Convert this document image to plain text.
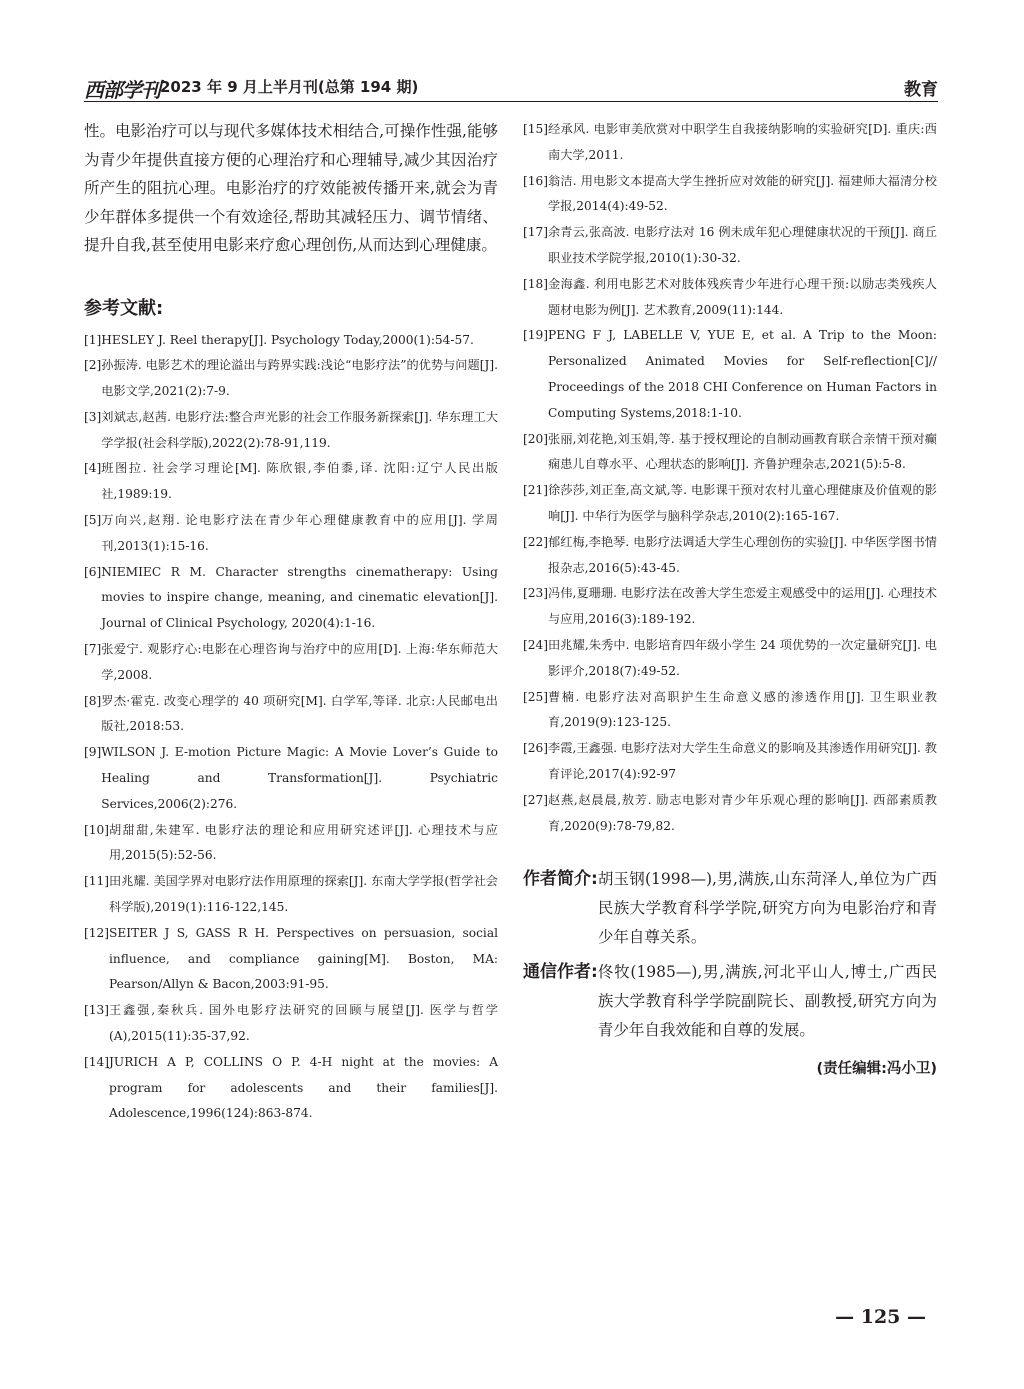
西部学刊 2023 年 9 月上半月刊(总第 194 期)	教育

性。电影治疗可以与现代多媒体技术相结合,可操作性强,能够为青少年提供直接方便的心理治疗和心理辅导,减少其因治疗所产生的阻抗心理。电影治疗的疗效能被传播开来,就会为青少年群体多提供一个有效途径,帮助其减轻压力、调节情绪、提升自我,甚至使用电影来疗愈心理创伤,从而达到心理健康。

参考文献:
[1] HESLEY J. Reel therapy[J]. Psychology Today,2000(1):54-57.
[2] 孙振涛. 电影艺术的理论溢出与跨界实践:浅论“电影疗法”的优势与问题[J]. 电影文学,2021(2):7-9.
[3] 刘斌志,赵茜. 电影疗法:整合声光影的社会工作服务新探索[J]. 华东理工大学学报(社会科学版),2022(2):78-91,119.
[4] 班图拉. 社会学习理论[M]. 陈欣银,李伯黍,译. 沈阳:辽宁人民出版社,1989:19.
[5] 万向兴,赵翔. 论电影疗法在青少年心理健康教育中的应用[J]. 学周刊,2013(1):15-16.
[6] NIEMIEC R M. Character strengths cinematherapy: Using movies to inspire change, meaning, and cinematic elevation[J]. Journal of Clinical Psychology, 2020(4):1-16.
[7] 张爱宁. 观影疗心:电影在心理咨询与治疗中的应用[D]. 上海:华东师范大学,2008.
[8] 罗杰·霍克. 改变心理学的 40 项研究[M]. 白学军,等译. 北京:人民邮电出版社,2018:53.
[9] WILSON J. E-motion Picture Magic: A Movie Lover’s Guide to Healing and Transformation[J]. Psychiatric Services,2006(2):276.
[10] 胡甜甜,朱建军. 电影疗法的理论和应用研究述评[J]. 心理技术与应用,2015(5):52-56.
[11] 田兆耀. 美国学界对电影疗法作用原理的探索[J]. 东南大学学报(哲学社会科学版),2019(1):116-122,145.
[12] SEITER J S, GASS R H. Perspectives on persuasion, social influence, and compliance gaining[M]. Boston, MA: Pearson/Allyn & Bacon,2003:91-95.
[13] 王鑫强,秦秋兵. 国外电影疗法研究的回顾与展望[J]. 医学与哲学(A),2015(11):35-37,92.
[14] JURICH A P, COLLINS O P. 4-H night at the movies: A program for adolescents and their families[J]. Adolescence,1996(124):863-874.
[15] 经承风. 电影审美欣赏对中职学生自我接纳影响的实验研究[D]. 重庆:西南大学,2011.
[16] 翁洁. 用电影文本提高大学生挫折应对效能的研究[J]. 福建师大福清分校学报,2014(4):49-52.
[17] 余青云,张高波. 电影疗法对 16 例未成年犯心理健康状况的干预[J]. 商丘职业技术学院学报,2010(1):30-32.
[18] 金海鑫. 利用电影艺术对肢体残疾青少年进行心理干预:以励志类残疾人题材电影为例[J]. 艺术教育,2009(11):144.
[19] PENG F J, LABELLE V, YUE E, et al. A Trip to the Moon: Personalized Animated Movies for Self-reflection[C]// Proceedings of the 2018 CHI Conference on Human Factors in Computing Systems,2018:1-10.
[20] 张丽,刘花艳,刘玉娟,等. 基于授权理论的自制动画教育联合亲情干预对癫痫患儿自尊水平、心理状态的影响[J]. 齐鲁护理杂志,2021(5):5-8.
[21] 徐莎莎,刘正奎,高文斌,等. 电影课干预对农村儿童心理健康及价值观的影响[J]. 中华行为医学与脑科学杂志,2010(2):165-167.
[22] 郁红梅,李艳琴. 电影疗法调适大学生心理创伤的实验[J]. 中华医学图书情报杂志,2016(5):43-45.
[23] 冯伟,夏珊珊. 电影疗法在改善大学生恋爱主观感受中的运用[J]. 心理技术与应用,2016(3):189-192.
[24] 田兆耀,朱秀中. 电影培育四年级小学生 24 项优势的一次定量研究[J]. 电影评介,2018(7):49-52.
[25] 曹楠. 电影疗法对高职护生生命意义感的渗透作用[J]. 卫生职业教育,2019(9):123-125.
[26] 李霞,王鑫强. 电影疗法对大学生生命意义的影响及其渗透作用研究[J]. 教育评论,2017(4):92-97
[27] 赵燕,赵晨晨,敖芳. 励志电影对青少年乐观心理的影响[J]. 西部素质教育,2020(9):78-79,82.
作者简介: 胡玉钢(1998—),男,满族,山东菏泽人,单位为广西民族大学教育科学学院,研究方向为电影治疗和青少年自尊关系。
通信作者: 佟牧(1985—),男,满族,河北平山人,博士,广西民族大学教育科学学院副院长、副教授,研究方向为青少年自我效能和自尊的发展。
(责任编辑:冯小卫)
— 125 —
